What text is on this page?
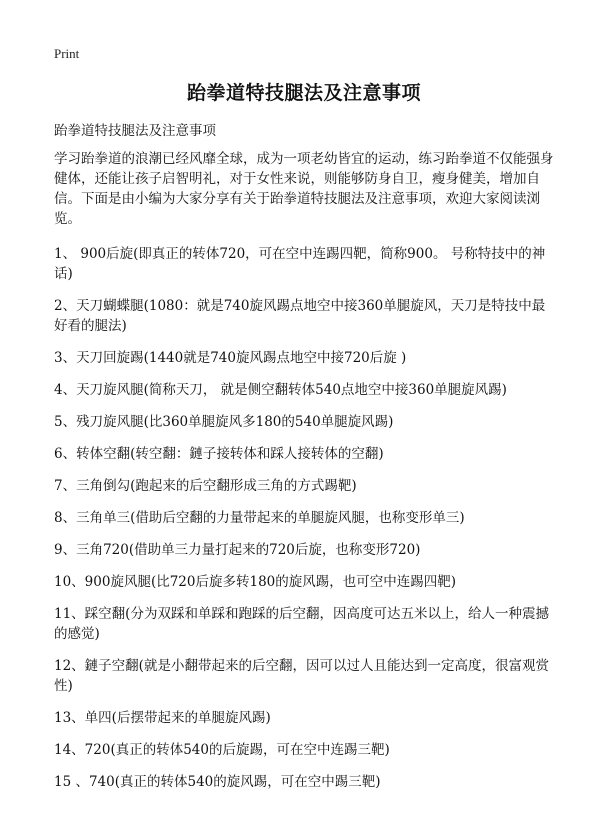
Print
跆拳道特技腿法及注意事项

跆拳道特技腿法及注意事项

学习跆拳道的浪潮已经风靡全球，成为一项老幼皆宜的运动，练习跆拳道不仅能强身健体，还能让孩子启智明礼，对于女性来说，则能够防身自卫，瘦身健美，增加自信。下面是由小编为大家分享有关于跆拳道特技腿法及注意事项，欢迎大家阅读浏览。

1、 900后旋(即真正的转体720，可在空中连踢四靶，简称900。 号称特技中的神话)

2、天刀蝴蝶腿(1080：就是740旋风踢点地空中接360单腿旋风，天刀是特技中最好看的腿法)

3、天刀回旋踢(1440就是740旋风踢点地空中接720后旋 )

4、天刀旋风腿(简称天刀， 就是侧空翻转体540点地空中接360单腿旋风踢)

5、残刀旋风腿(比360单腿旋风多180的540单腿旋风踢)

6、转体空翻(转空翻：鏈子接转体和踩人接转体的空翻)

7、三角倒勾(跑起来的后空翻形成三角的方式踢靶)

8、三角单三(借助后空翻的力量带起来的单腿旋风腿，也称变形单三)

9、三角720(借助单三力量打起来的720后旋，也称变形720)

10、900旋风腿(比720后旋多转180的旋风踢，也可空中连踢四靶)

11、踩空翻(分为双踩和单踩和跑踩的后空翻，因高度可达五米以上，给人一种震撼的感觉)

12、鏈子空翻(就是小翻带起来的后空翻，因可以过人且能达到一定高度，很富观赏性)

13、单四(后摆带起来的单腿旋风踢)

14、720(真正的转体540的后旋踢，可在空中连踢三靶)

15 、740(真正的转体540的旋风踢，可在空中踢三靶)
